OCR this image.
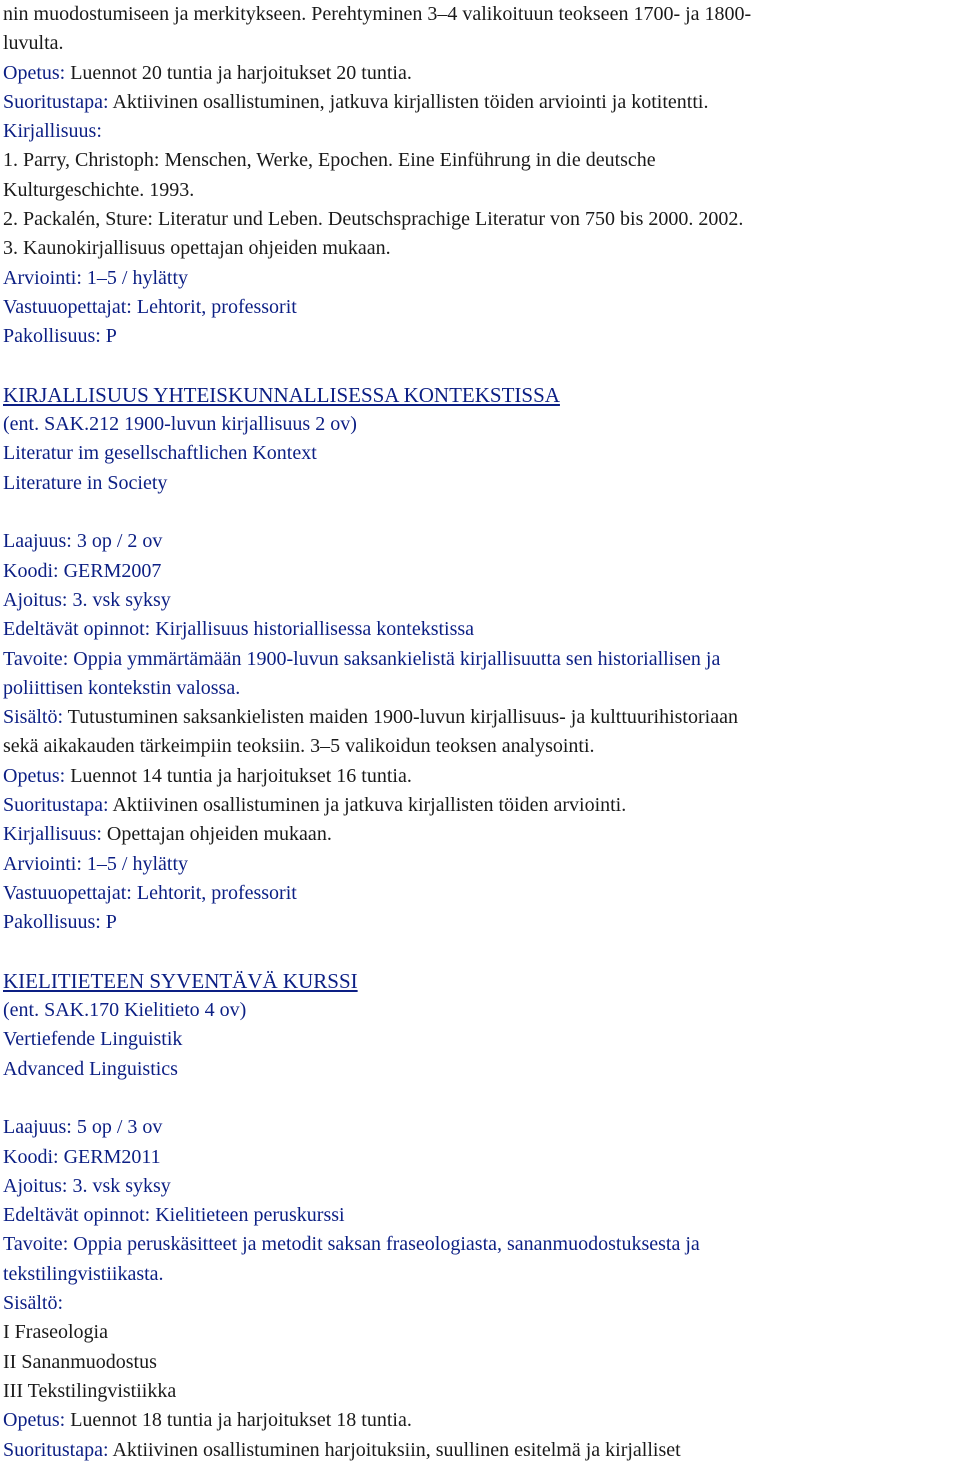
nin muodostumiseen ja merkitykseen. Perehtyminen 3–4 valikoituun teokseen 1700- ja 1800-
luvulta.
Opetus: Luennot 20 tuntia ja harjoitukset 20 tuntia.
Suoritustapa: Aktiivinen osallistuminen, jatkuva kirjallisten töiden arviointi ja kotitentti.
Kirjallisuus:
1. Parry, Christoph: Menschen, Werke, Epochen. Eine Einführung in die deutsche
Kulturgeschichte. 1993.
2. Packalén, Sture: Literatur und Leben. Deutschsprachige Literatur von 750 bis 2000. 2002.
3. Kaunokirjallisuus opettajan ohjeiden mukaan.
Arviointi: 1–5 / hylätty
Vastuuopettajat: Lehtorit, professorit
Pakollisuus: P
KIRJALLISUUS YHTEISKUNNALLISESSA KONTEKSTISSA
(ent. SAK.212 1900-luvun kirjallisuus 2 ov)
Literatur im gesellschaftlichen Kontext
Literature in Society
Laajuus: 3 op / 2 ov
Koodi: GERM2007
Ajoitus: 3. vsk syksy
Edeltävät opinnot: Kirjallisuus historiallisessa kontekstissa
Tavoite: Oppia ymmärtämään 1900-luvun saksankielistä kirjallisuutta sen historiallisen ja
poliittisen kontekstin valossa.
Sisältö: Tutustuminen saksankielisten maiden 1900-luvun kirjallisuus- ja kulttuurihistoriaan
sekä aikakauden tärkeimpiin teoksiin. 3–5 valikoidun teoksen analysointi.
Opetus: Luennot 14 tuntia ja harjoitukset 16 tuntia.
Suoritustapa: Aktiivinen osallistuminen ja jatkuva kirjallisten töiden arviointi.
Kirjallisuus: Opettajan ohjeiden mukaan.
Arviointi: 1–5 / hylätty
Vastuuopettajat: Lehtorit, professorit
Pakollisuus: P
KIELITIETEEN SYVENTÄVÄ KURSSI
(ent. SAK.170 Kielitieto 4 ov)
Vertiefende Linguistik
Advanced Linguistics
Laajuus: 5 op / 3 ov
Koodi: GERM2011
Ajoitus: 3. vsk syksy
Edeltävät opinnot: Kielitieteen peruskurssi
Tavoite: Oppia peruskäsitteet ja metodit saksan fraseologiasta, sananmuodostuksesta ja
tekstilingvistiikasta.
Sisältö:
I Fraseologia
II Sananmuodostus
III Tekstilingvistiikka
Opetus: Luennot 18 tuntia ja harjoitukset 18 tuntia.
Suoritustapa: Aktiivinen osallistuminen harjoituksiin, suullinen esitelmä ja kirjalliset
